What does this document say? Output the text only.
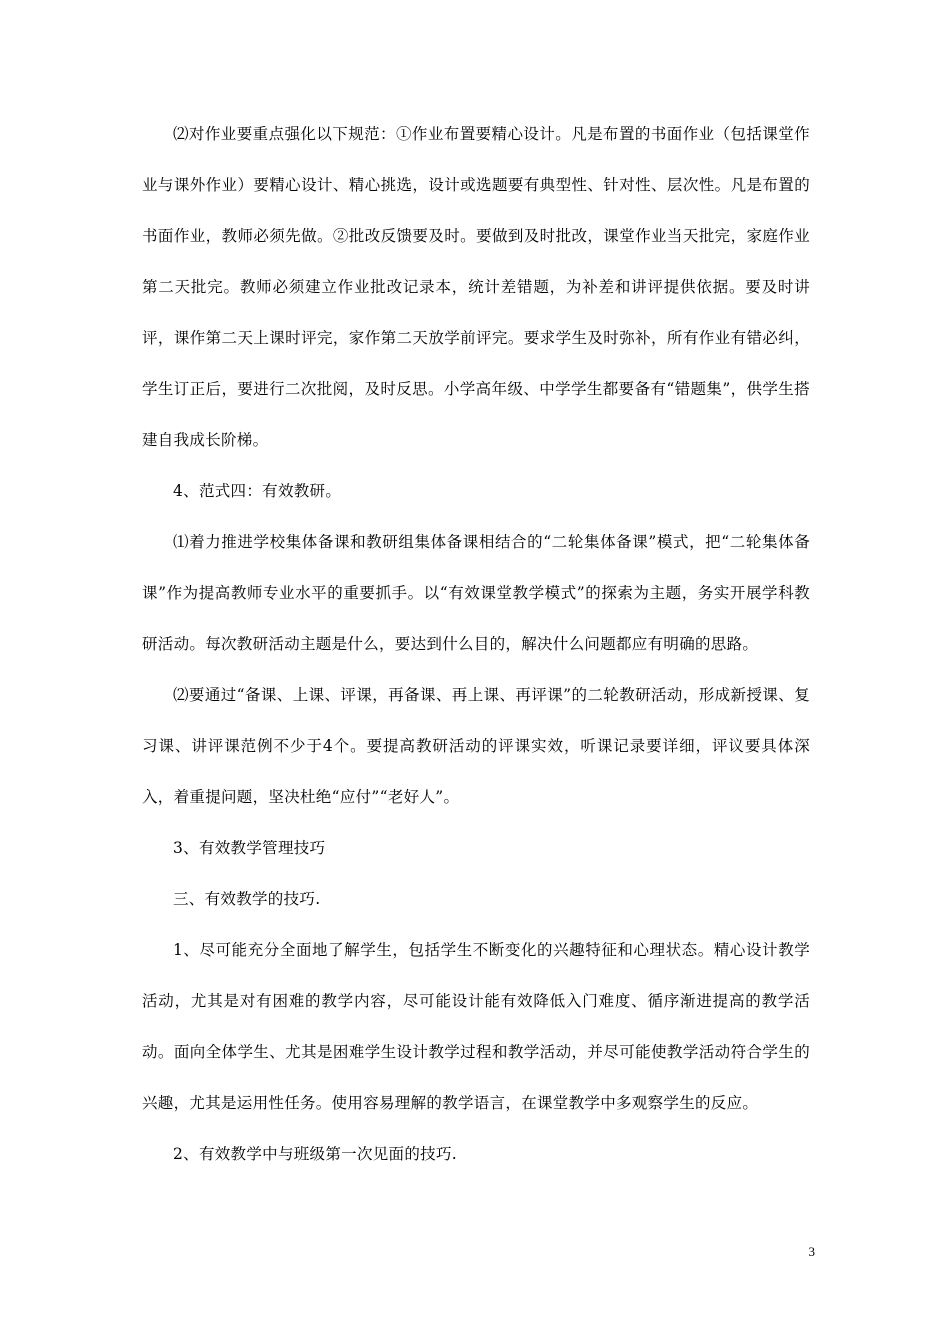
⑵对作业要重点强化以下规范：①作业布置要精心设计。凡是布置的书面作业（包括课堂作业与课外作业）要精心设计、精心挑选，设计或选题要有典型性、针对性、层次性。凡是布置的书面作业，教师必须先做。②批改反馈要及时。要做到及时批改，课堂作业当天批完，家庭作业第二天批完。教师必须建立作业批改记录本，统计差错题，为补差和讲评提供依据。要及时讲评，课作第二天上课时评完，家作第二天放学前评完。要求学生及时弥补，所有作业有错必纠，学生订正后，要进行二次批阅，及时反思。小学高年级、中学学生都要备有“错题集”，供学生搭建自我成长阶梯。

4、范式四：有效教研。

⑴着力推进学校集体备课和教研组集体备课相结合的“二轮集体备课”模式，把“二轮集体备课”作为提高教师专业水平的重要抓手。以“有效课堂教学模式”的探索为主题，务实开展学科教研活动。每次教研活动主题是什么，要达到什么目的，解决什么问题都应有明确的思路。

⑵要通过“备课、上课、评课，再备课、再上课、再评课”的二轮教研活动，形成新授课、复习课、讲评课范例不少于4个。要提高教研活动的评课实效，听课记录要详细，评议要具体深入，着重提问题，坚决杜绝“应付”“老好人”。

3、有效教学管理技巧

三、有效教学的技巧.

1、尽可能充分全面地了解学生，包括学生不断变化的兴趣特征和心理状态。精心设计教学活动，尤其是对有困难的教学内容，尽可能设计能有效降低入门难度、循序渐进提高的教学活动。面向全体学生、尤其是困难学生设计教学过程和教学活动，并尽可能使教学活动符合学生的兴趣，尤其是运用性任务。使用容易理解的教学语言，在课堂教学中多观察学生的反应。

2、有效教学中与班级第一次见面的技巧.

3
